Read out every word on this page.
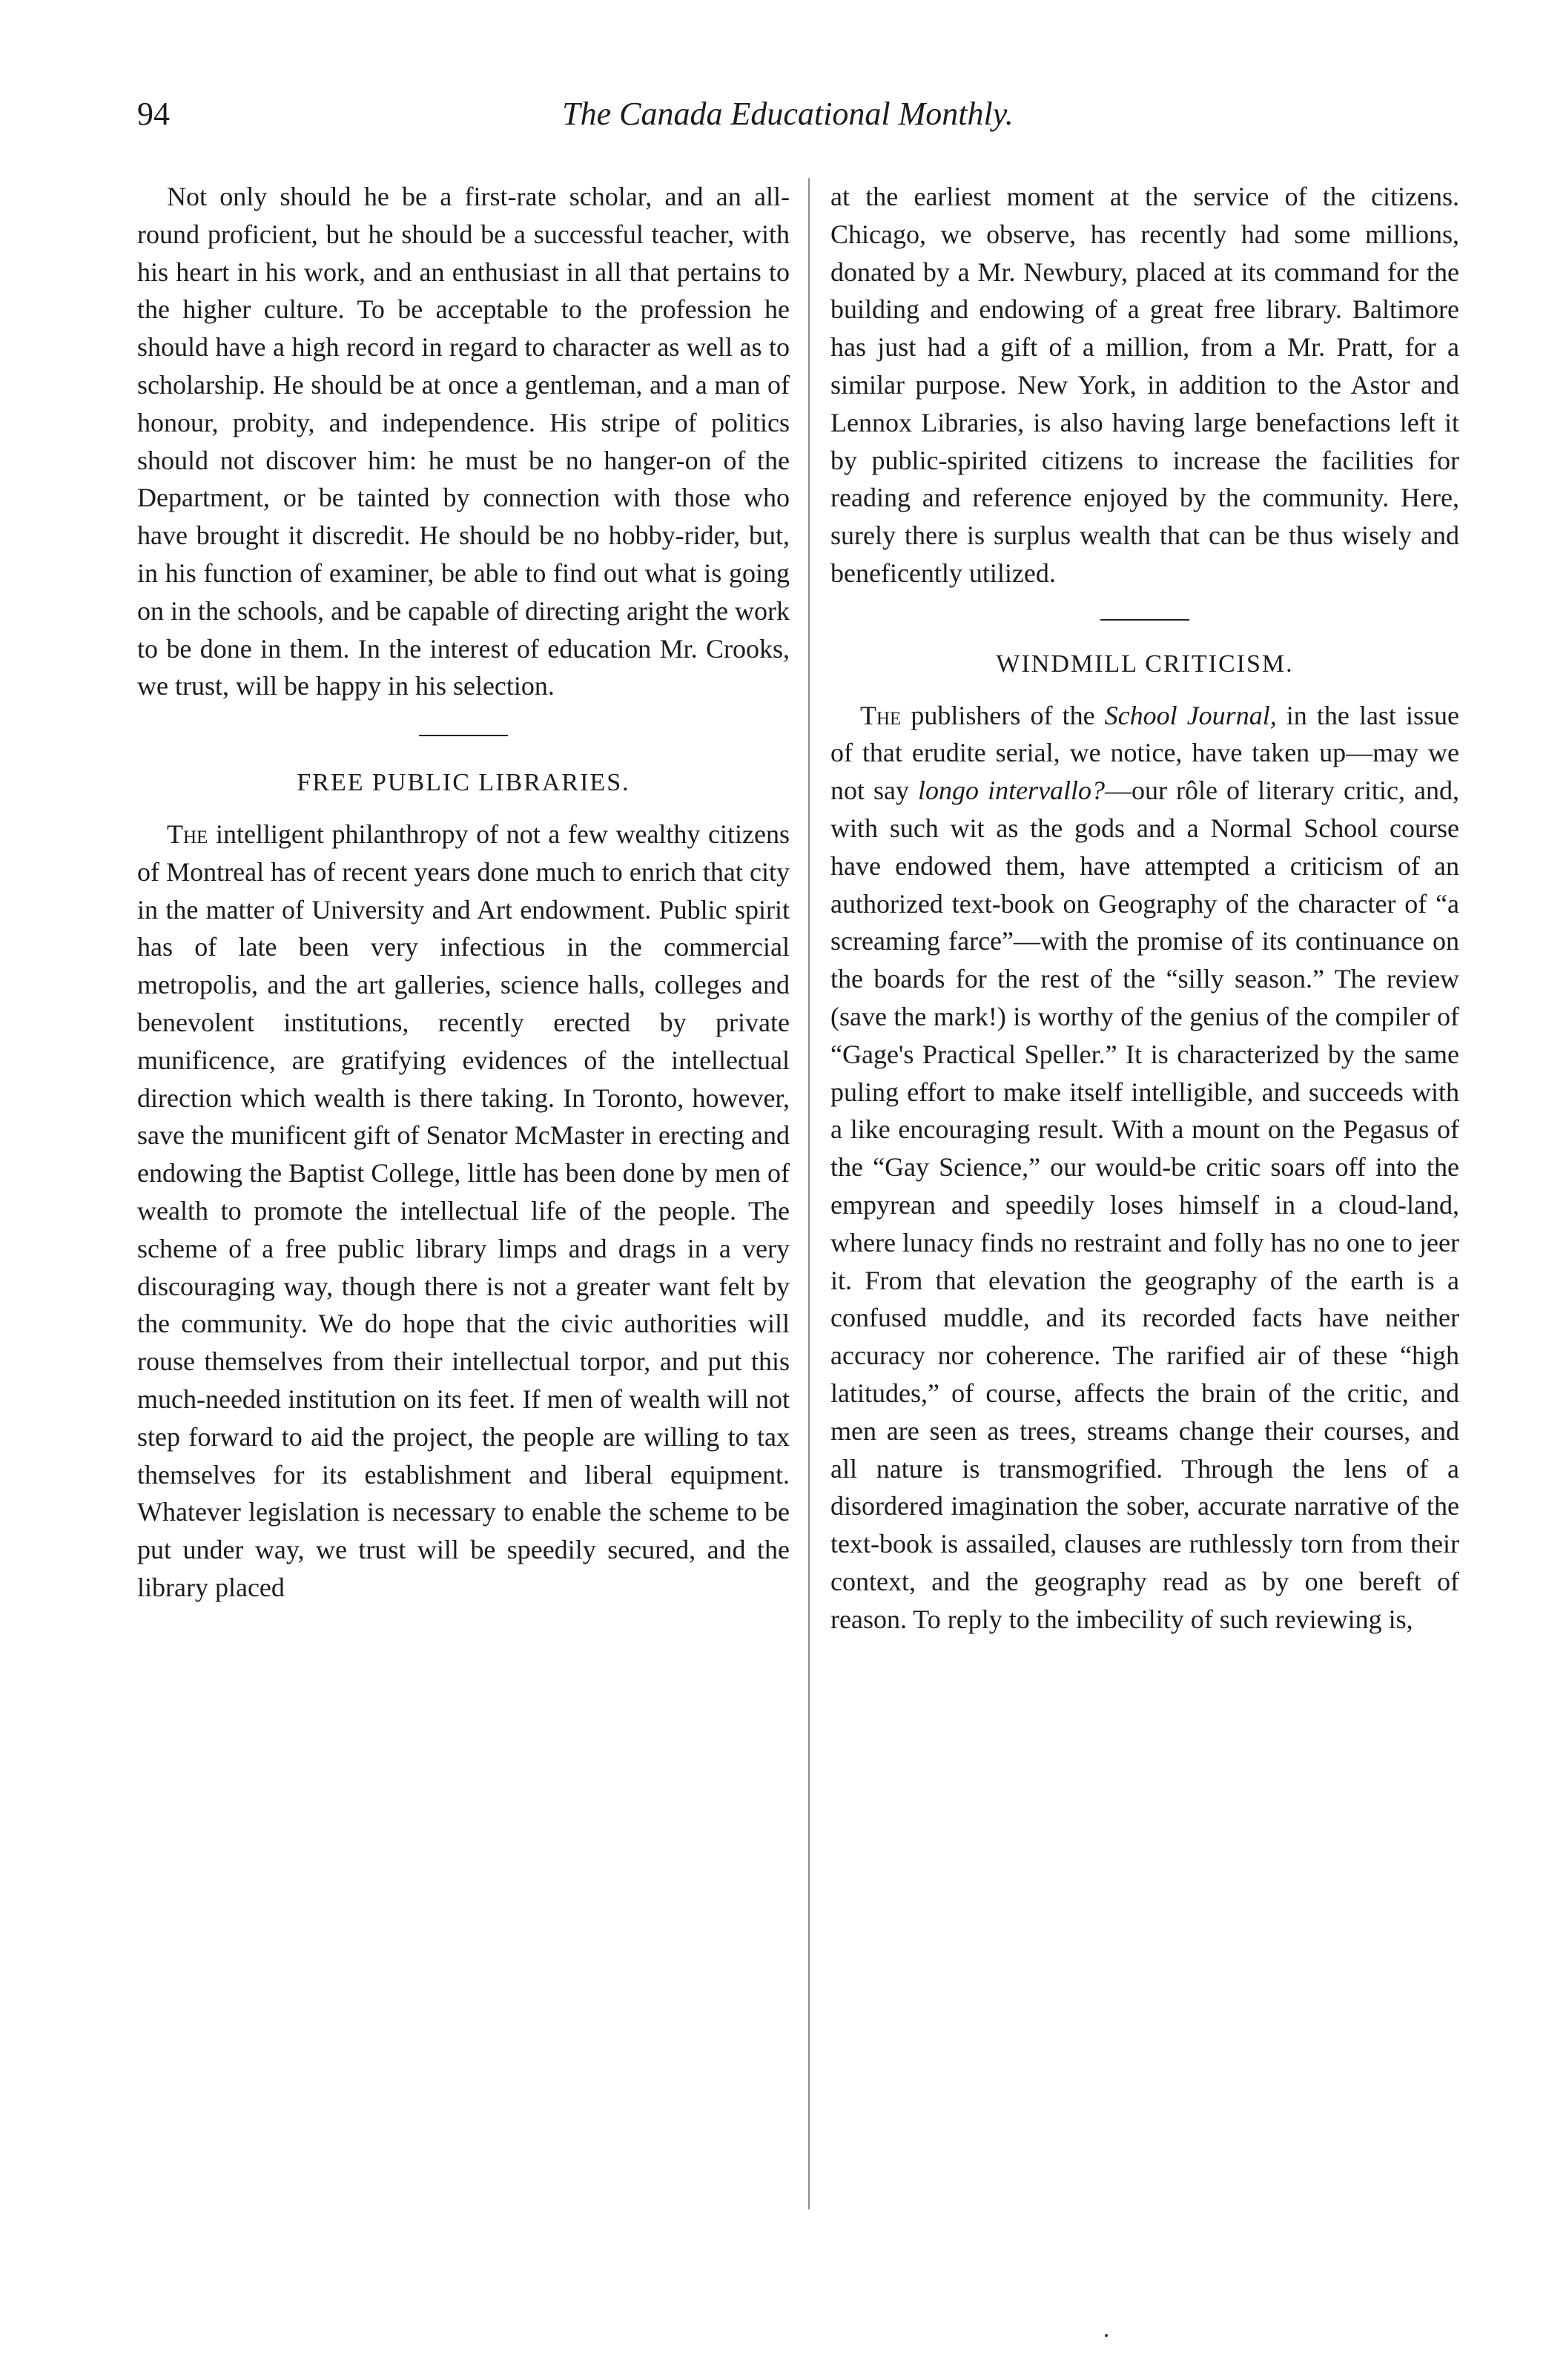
94	The Canada Educational Monthly.

Not only should he be a first-rate scholar, and an all-round proficient, but he should be a successful teacher, with his heart in his work, and an enthusiast in all that pertains to the higher culture. To be acceptable to the profession he should have a high record in regard to character as well as to scholarship. He should be at once a gentleman, and a man of honour, probity, and independence. His stripe of politics should not discover him: he must be no hanger-on of the Department, or be tainted by connection with those who have brought it discredit. He should be no hobby-rider, but, in his function of examiner, be able to find out what is going on in the schools, and be capable of directing aright the work to be done in them. In the interest of education Mr. Crooks, we trust, will be happy in his selection.

FREE PUBLIC LIBRARIES.

The intelligent philanthropy of not a few wealthy citizens of Montreal has of recent years done much to enrich that city in the matter of University and Art endowment. Public spirit has of late been very infectious in the commercial metropolis, and the art galleries, science halls, colleges and benevolent institutions, recently erected by private munificence, are gratifying evidences of the intellectual direction which wealth is there taking. In Toronto, however, save the munificent gift of Senator McMaster in erecting and endowing the Baptist College, little has been done by men of wealth to promote the intellectual life of the people. The scheme of a free public library limps and drags in a very discouraging way, though there is not a greater want felt by the community. We do hope that the civic authorities will rouse themselves from their intellectual torpor, and put this much-needed institution on its feet. If men of wealth will not step forward to aid the project, the people are willing to tax themselves for its establishment and liberal equipment. Whatever legislation is necessary to enable the scheme to be put under way, we trust will be speedily secured, and the library placed

at the earliest moment at the service of the citizens. Chicago, we observe, has recently had some millions, donated by a Mr. Newbury, placed at its command for the building and endowing of a great free library. Baltimore has just had a gift of a million, from a Mr. Pratt, for a similar purpose. New York, in addition to the Astor and Lennox Libraries, is also having large benefactions left it by public-spirited citizens to increase the facilities for reading and reference enjoyed by the community. Here, surely there is surplus wealth that can be thus wisely and beneficently utilized.

WINDMILL CRITICISM.

The publishers of the School Journal, in the last issue of that erudite serial, we notice, have taken up—may we not say longo intervallo?—our rôle of literary critic, and, with such wit as the gods and a Normal School course have endowed them, have attempted a criticism of an authorized text-book on Geography of the character of “a screaming farce”—with the promise of its continuance on the boards for the rest of the “silly season.” The review (save the mark!) is worthy of the genius of the compiler of “Gage's Practical Speller.” It is characterized by the same puling effort to make itself intelligible, and succeeds with a like encouraging result. With a mount on the Pegasus of the “Gay Science,” our would-be critic soars off into the empyrean and speedily loses himself in a cloud-land, where lunacy finds no restraint and folly has no one to jeer it. From that elevation the geography of the earth is a confused muddle, and its recorded facts have neither accuracy nor coherence. The rarified air of these “high latitudes,” of course, affects the brain of the critic, and men are seen as trees, streams change their courses, and all nature is transmogrified. Through the lens of a disordered imagination the sober, accurate narrative of the text-book is assailed, clauses are ruthlessly torn from their context, and the geography read as by one bereft of reason. To reply to the imbecility of such reviewing is,
